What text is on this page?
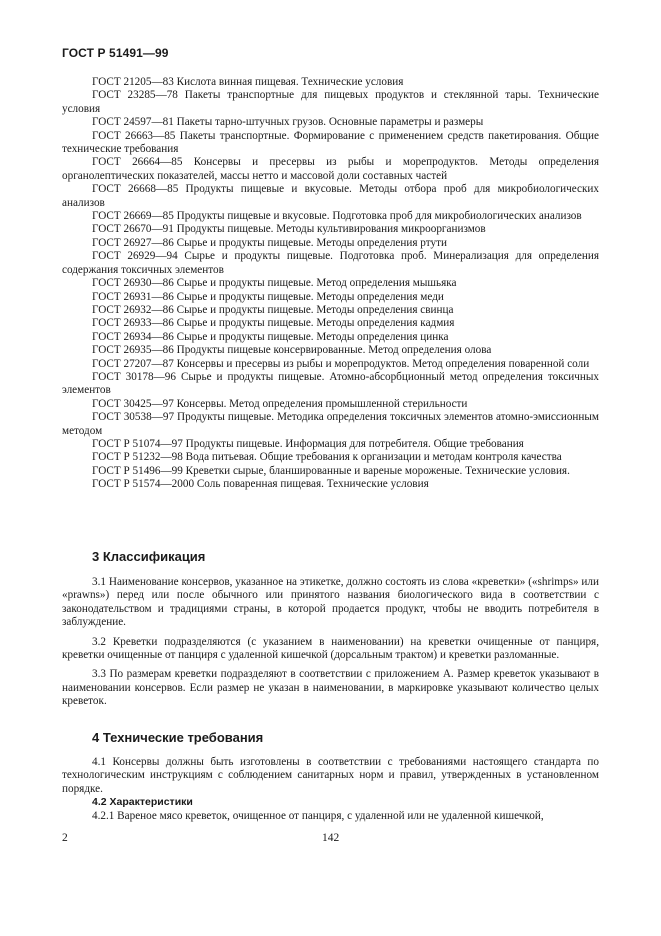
ГОСТ Р 51491—99

ГОСТ 21205—83 Кислота винная пищевая. Технические условия

ГОСТ 23285—78 Пакеты транспортные для пищевых продуктов и стеклянной тары. Технические условия

ГОСТ 24597—81 Пакеты тарно-штучных грузов. Основные параметры и размеры

ГОСТ 26663—85 Пакеты транспортные. Формирование с применением средств пакетирования. Общие технические требования

ГОСТ 26664—85 Консервы и пресервы из рыбы и морепродуктов. Методы определения органолептических показателей, массы нетто и массовой доли составных частей

ГОСТ 26668—85 Продукты пищевые и вкусовые. Методы отбора проб для микробиологических анализов

ГОСТ 26669—85 Продукты пищевые и вкусовые. Подготовка проб для микробиологических анализов

ГОСТ 26670—91 Продукты пищевые. Методы культивирования микроорганизмов

ГОСТ 26927—86 Сырье и продукты пищевые. Методы определения ртути

ГОСТ 26929—94 Сырье и продукты пищевые. Подготовка проб. Минерализация для определения содержания токсичных элементов

ГОСТ 26930—86 Сырье и продукты пищевые. Метод определения мышьяка

ГОСТ 26931—86 Сырье и продукты пищевые. Методы определения меди

ГОСТ 26932—86 Сырье и продукты пищевые. Методы определения свинца

ГОСТ 26933—86 Сырье и продукты пищевые. Методы определения кадмия

ГОСТ 26934—86 Сырье и продукты пищевые. Методы определения цинка

ГОСТ 26935—86 Продукты пищевые консервированные. Метод определения олова

ГОСТ 27207—87 Консервы и пресервы из рыбы и морепродуктов. Метод определения поваренной соли

ГОСТ 30178—96 Сырье и продукты пищевые. Атомно-абсорбционный метод определения токсичных элементов

ГОСТ 30425—97 Консервы. Метод определения промышленной стерильности

ГОСТ 30538—97 Продукты пищевые. Методика определения токсичных элементов атомно-эмиссионным методом

ГОСТ Р 51074—97 Продукты пищевые. Информация для потребителя. Общие требования

ГОСТ Р 51232—98 Вода питьевая. Общие требования к организации и методам контроля качества

ГОСТ Р 51496—99 Креветки сырые, бланшированные и вареные мороженые. Технические условия.

ГОСТ Р 51574—2000 Соль поваренная пищевая. Технические условия

3 Классификация

3.1 Наименование консервов, указанное на этикетке, должно состоять из слова «креветки» («shrimps» или «prawns») перед или после обычного или принятого названия биологического вида в соответствии с законодательством и традициями страны, в которой продается продукт, чтобы не вводить потребителя в заблуждение.

3.2 Креветки подразделяются (с указанием в наименовании) на креветки очищенные от панциря, креветки очищенные от панциря с удаленной кишечкой (дорсальным трактом) и креветки разломанные.

3.3 По размерам креветки подразделяют в соответствии с приложением А. Размер креветок указывают в наименовании консервов. Если размер не указан в наименовании, в маркировке указывают количество целых креветок.

4 Технические требования

4.1 Консервы должны быть изготовлены в соответствии с требованиями настоящего стандарта по технологическим инструкциям с соблюдением санитарных норм и правил, утвержденных в установленном порядке.

4.2 Характеристики

4.2.1 Вареное мясо креветок, очищенное от панциря, с удаленной или не удаленной кишечкой,

2	142
